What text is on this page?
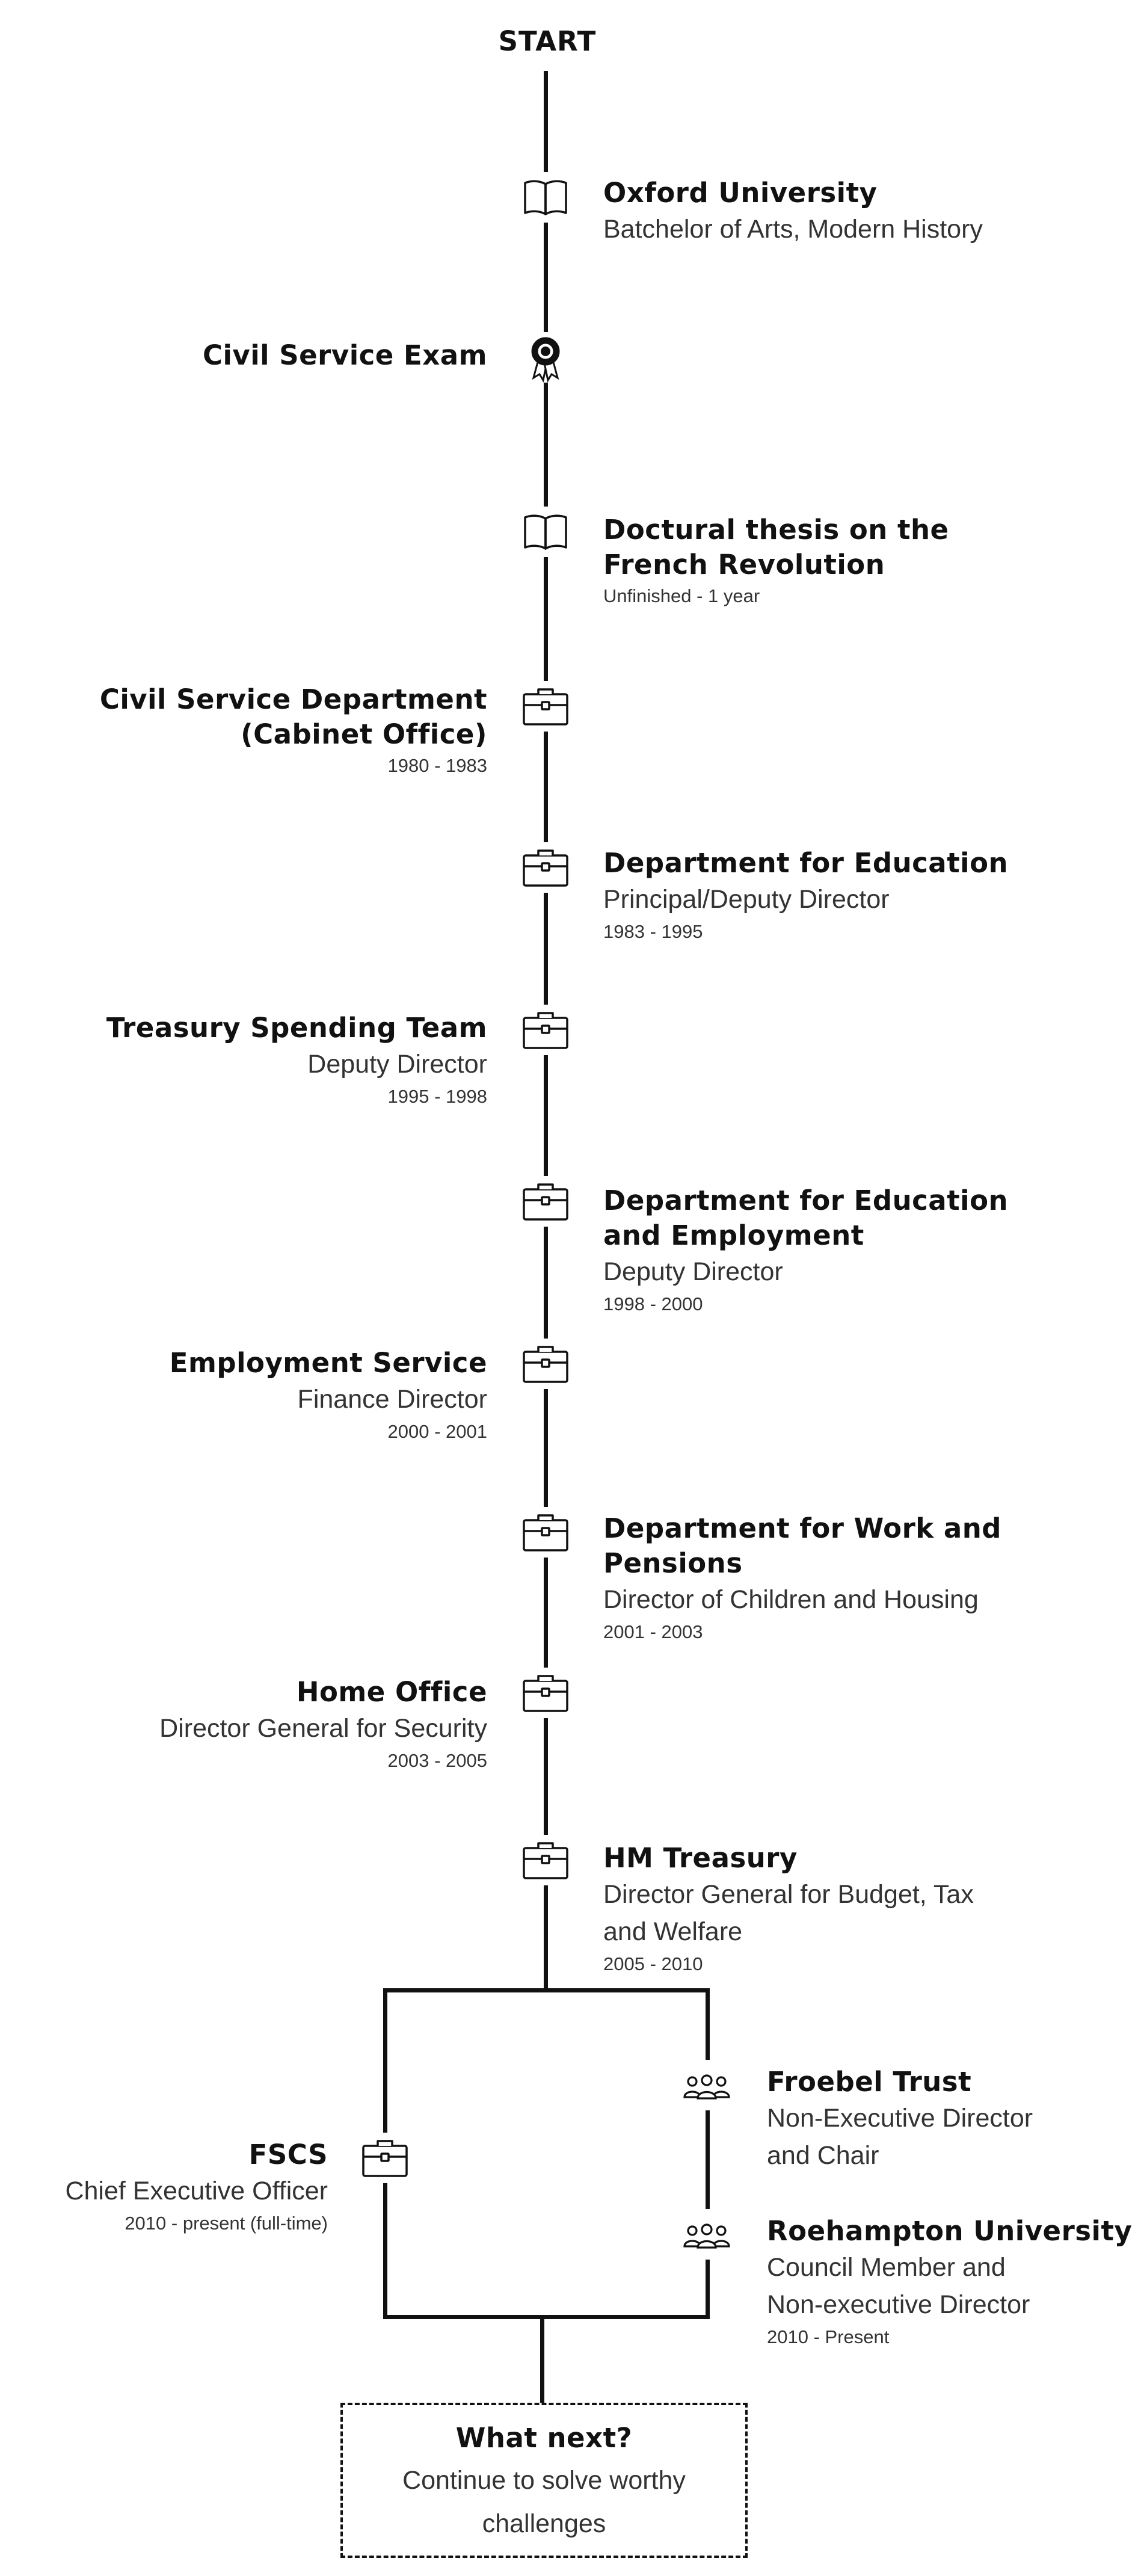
START
Oxford University
Batchelor of Arts, Modern History
Civil Service Exam
Doctural thesis on the
French Revolution
Unfinished - 1 year
Civil Service Department
(Cabinet Office)
1980 - 1983
Department for Education
Principal/Deputy Director
1983 - 1995
Treasury Spending Team
Deputy Director
1995 - 1998
Department for Education
and Employment
Deputy Director
1998 - 2000
Employment Service
Finance Director
2000 - 2001
Department for Work and
Pensions
Director of Children and Housing
2001 - 2003
Home Office
Director General for Security
2003 - 2005
HM Treasury
Director General for Budget, Tax
and Welfare
2005 - 2010
FSCS
Chief Executive Officer
2010 - present (full-time)
Froebel Trust
Non-Executive Director
and Chair
Roehampton University
Council Member and
Non-executive Director
2010 - Present
What next?
Continue to solve worthy
challenges
